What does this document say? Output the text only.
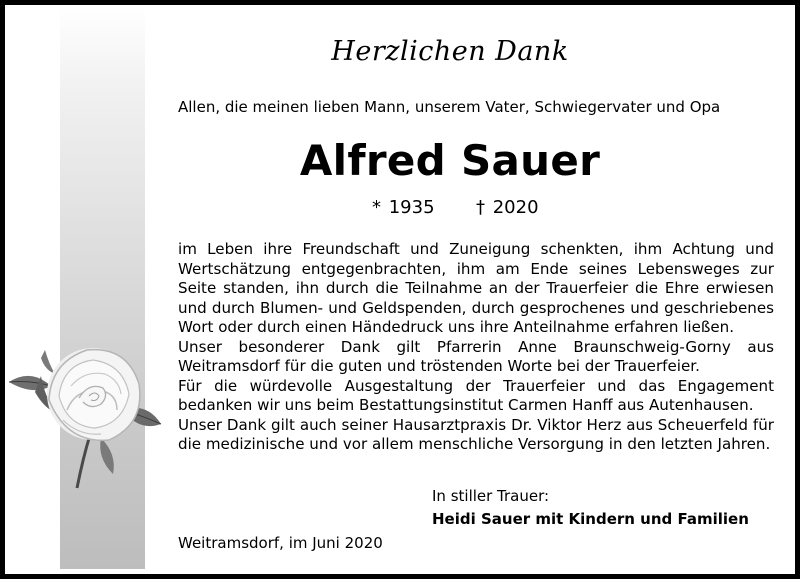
Herzlichen Dank
Allen, die meinen lieben Mann, unserem Vater, Schwiegervater und Opa
Alfred Sauer
* 1935 † 2020

im Leben ihre Freundschaft und Zuneigung schenkten, ihm Achtung und Wertschätzung entgegenbrachten, ihm am Ende seines Lebensweges zur Seite standen, ihn durch die Teilnahme an der Trauerfeier die Ehre erwiesen und durch Blumen- und Geldspenden, durch gesprochenes und geschriebenes Wort oder durch einen Händedruck uns ihre Anteilnahme erfahren ließen.

Unser besonderer Dank gilt Pfarrerin Anne Braunschweig-Gorny aus Weitramsdorf für die guten und tröstenden Worte bei der Trauerfeier.

Für die würdevolle Ausgestaltung der Trauerfeier und das Engagement bedanken wir uns beim Bestattungsinstitut Carmen Hanff aus Autenhausen.

Unser Dank gilt auch seiner Hausarztpraxis Dr. Viktor Herz aus Scheuerfeld für die medizinische und vor allem menschliche Versorgung in den letzten Jahren.

In stiller Trauer:
Heidi Sauer mit Kindern und Familien
Weitramsdorf, im Juni 2020
